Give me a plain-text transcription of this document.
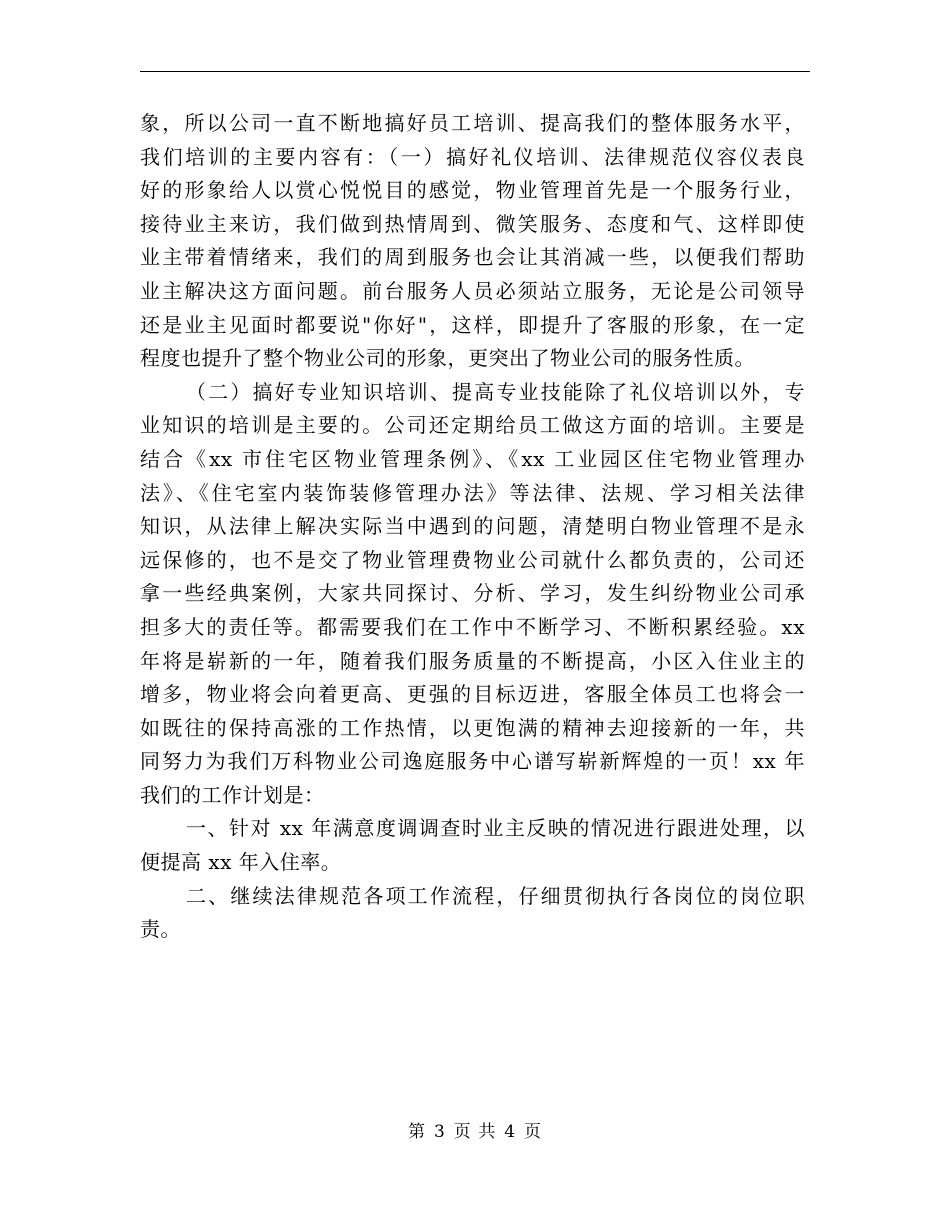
象，所以公司一直不断地搞好员工培训、提高我们的整体服务水平，
我们培训的主要内容有：（一）搞好礼仪培训、法律规范仪容仪表良
好的形象给人以赏心悦悦目的感觉，物业管理首先是一个服务行业，
接待业主来访，我们做到热情周到、微笑服务、态度和气、这样即使
业主带着情绪来，我们的周到服务也会让其消减一些，以便我们帮助
业主解决这方面问题。前台服务人员必须站立服务，无论是公司领导
还是业主见面时都要说"你好"，这样，即提升了客服的形象，在一定
程度也提升了整个物业公司的形象，更突出了物业公司的服务性质。
（二）搞好专业知识培训、提高专业技能除了礼仪培训以外，专
业知识的培训是主要的。公司还定期给员工做这方面的培训。主要是
结合《xx 市住宅区物业管理条例》、《xx 工业园区住宅物业管理办
法》、《住宅室内装饰装修管理办法》等法律、法规、学习相关法律
知识，从法律上解决实际当中遇到的问题，清楚明白物业管理不是永
远保修的，也不是交了物业管理费物业公司就什么都负责的，公司还
拿一些经典案例，大家共同探讨、分析、学习，发生纠纷物业公司承
担多大的责任等。都需要我们在工作中不断学习、不断积累经验。xx
年将是崭新的一年，随着我们服务质量的不断提高，小区入住业主的
增多，物业将会向着更高、更强的目标迈进，客服全体员工也将会一
如既往的保持高涨的工作热情，以更饱满的精神去迎接新的一年，共
同努力为我们万科物业公司逸庭服务中心谱写崭新辉煌的一页！xx 年
我们的工作计划是：
一、针对 xx 年满意度调调查时业主反映的情况进行跟进处理，以
便提高 xx 年入住率。
二、继续法律规范各项工作流程，仔细贯彻执行各岗位的岗位职
责。
第 3 页 共 4 页
